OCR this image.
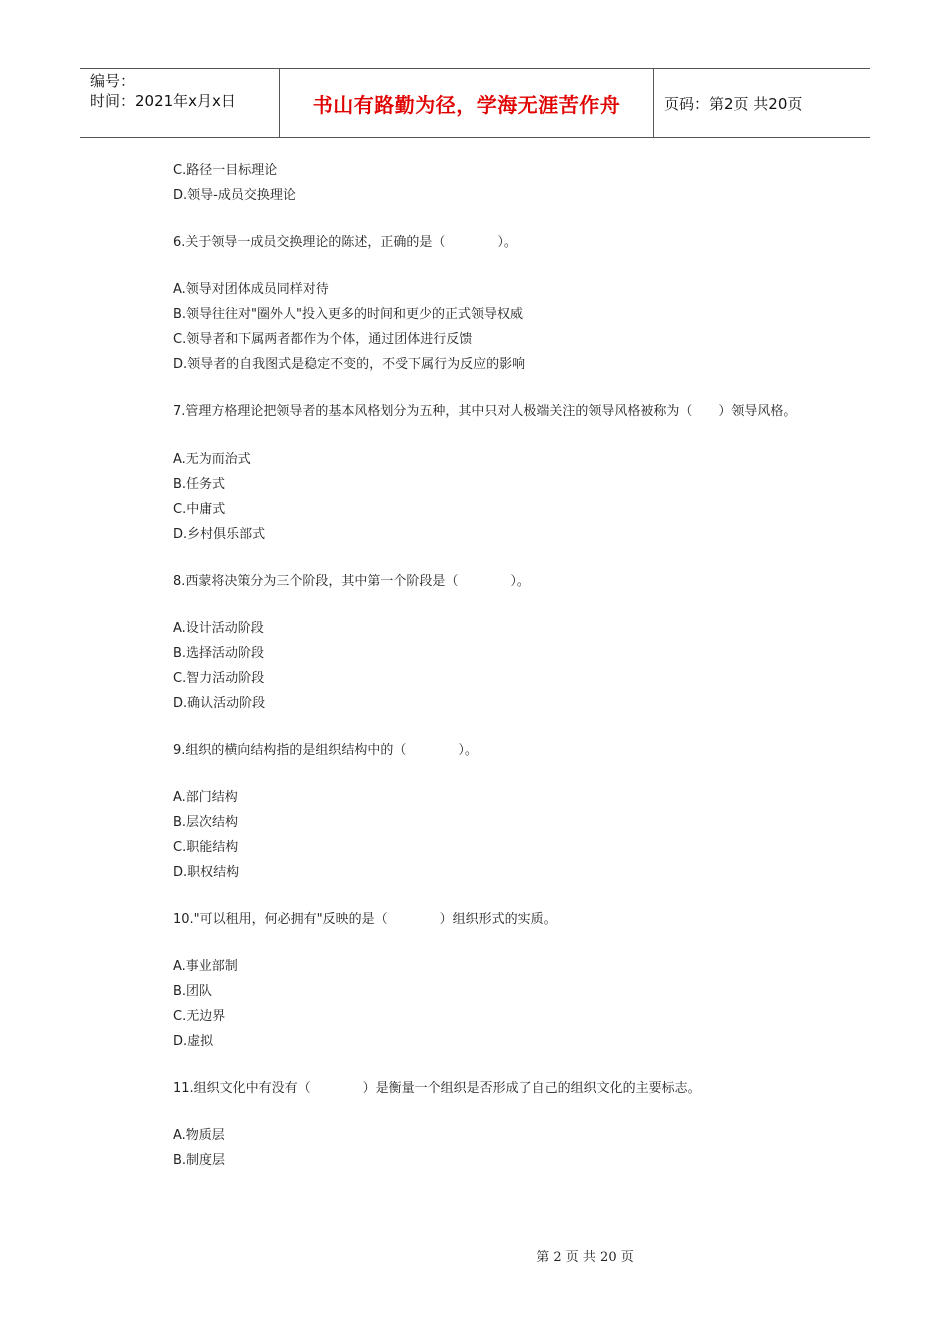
编号：
时间：2021年x月x日	书山有路勤为径，学海无涯苦作舟	页码：第2页 共20页
C.路径一目标理论
D.领导-成员交换理论
6.关于领导一成员交换理论的陈述，正确的是（　　　　）。
A.领导对团体成员同样对待
B.领导往往对"圈外人"投入更多的时间和更少的正式领导权威
C.领导者和下属两者都作为个体，通过团体进行反馈
D.领导者的自我图式是稳定不变的，不受下属行为反应的影响
7.管理方格理论把领导者的基本风格划分为五种，其中只对人极端关注的领导风格被称为（　　）领导风格。
A.无为而治式
B.任务式
C.中庸式
D.乡村俱乐部式
8.西蒙将决策分为三个阶段，其中第一个阶段是（　　　　）。
A.设计活动阶段
B.选择活动阶段
C.智力活动阶段
D.确认活动阶段
9.组织的横向结构指的是组织结构中的（　　　　）。
A.部门结构
B.层次结构
C.职能结构
D.职权结构
10."可以租用，何必拥有"反映的是（　　　　）组织形式的实质。
A.事业部制
B.团队
C.无边界
D.虚拟
11.组织文化中有没有（　　　　）是衡量一个组织是否形成了自己的组织文化的主要标志。
A.物质层
B.制度层
第 2 页 共 20 页
